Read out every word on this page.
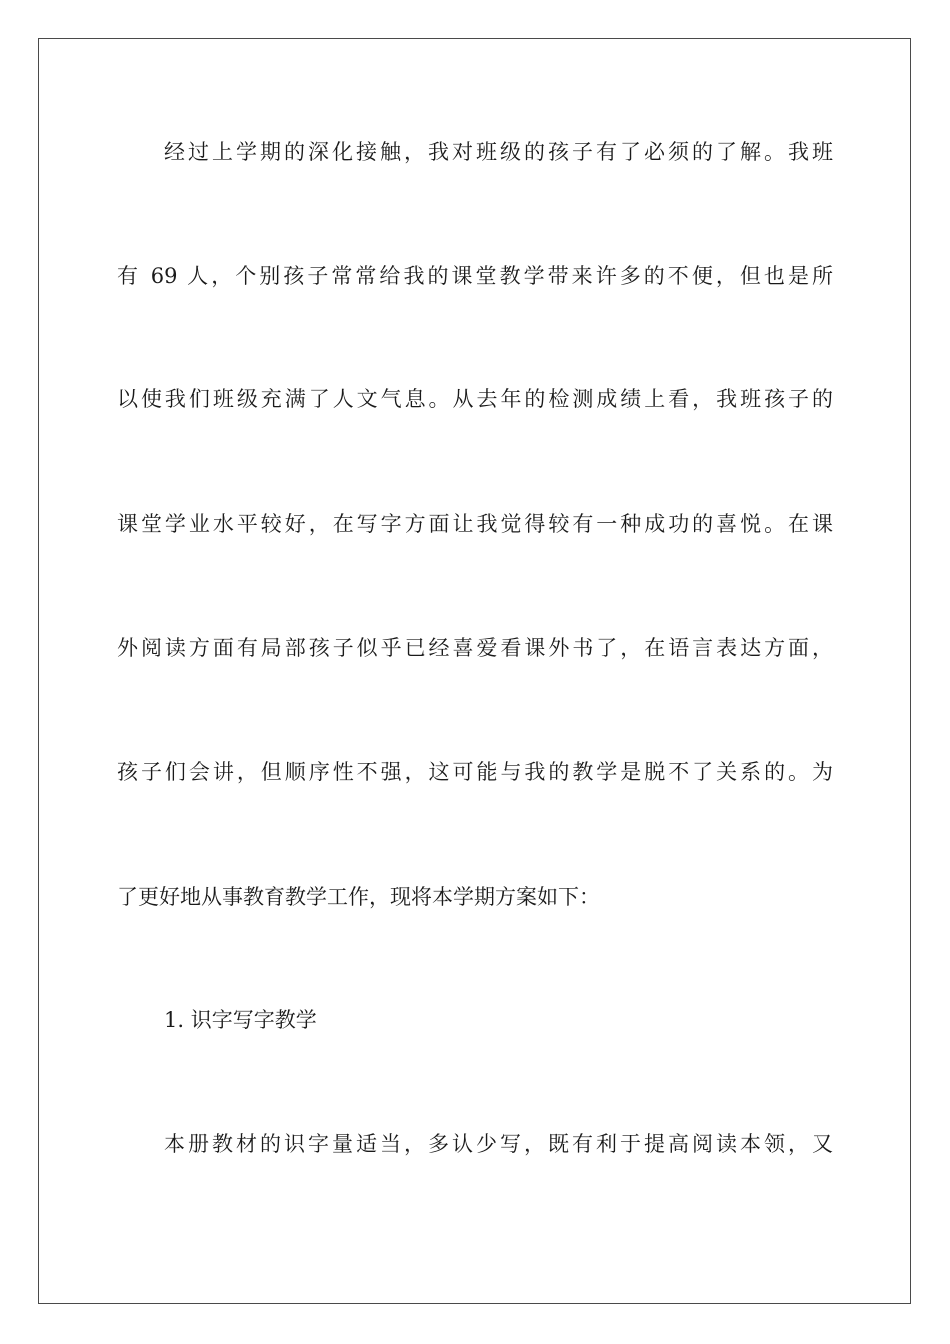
经过上学期的深化接触，我对班级的孩子有了必须的了解。我班

有 69 人，个别孩子常常给我的课堂教学带来许多的不便，但也是所

以使我们班级充满了人文气息。从去年的检测成绩上看，我班孩子的

课堂学业水平较好，在写字方面让我觉得较有一种成功的喜悦。在课

外阅读方面有局部孩子似乎已经喜爱看课外书了，在语言表达方面，

孩子们会讲，但顺序性不强，这可能与我的教学是脱不了关系的。为

了更好地从事教育教学工作，现将本学期方案如下：

1. 识字写字教学

本册教材的识字量适当，多认少写，既有利于提高阅读本领，又
